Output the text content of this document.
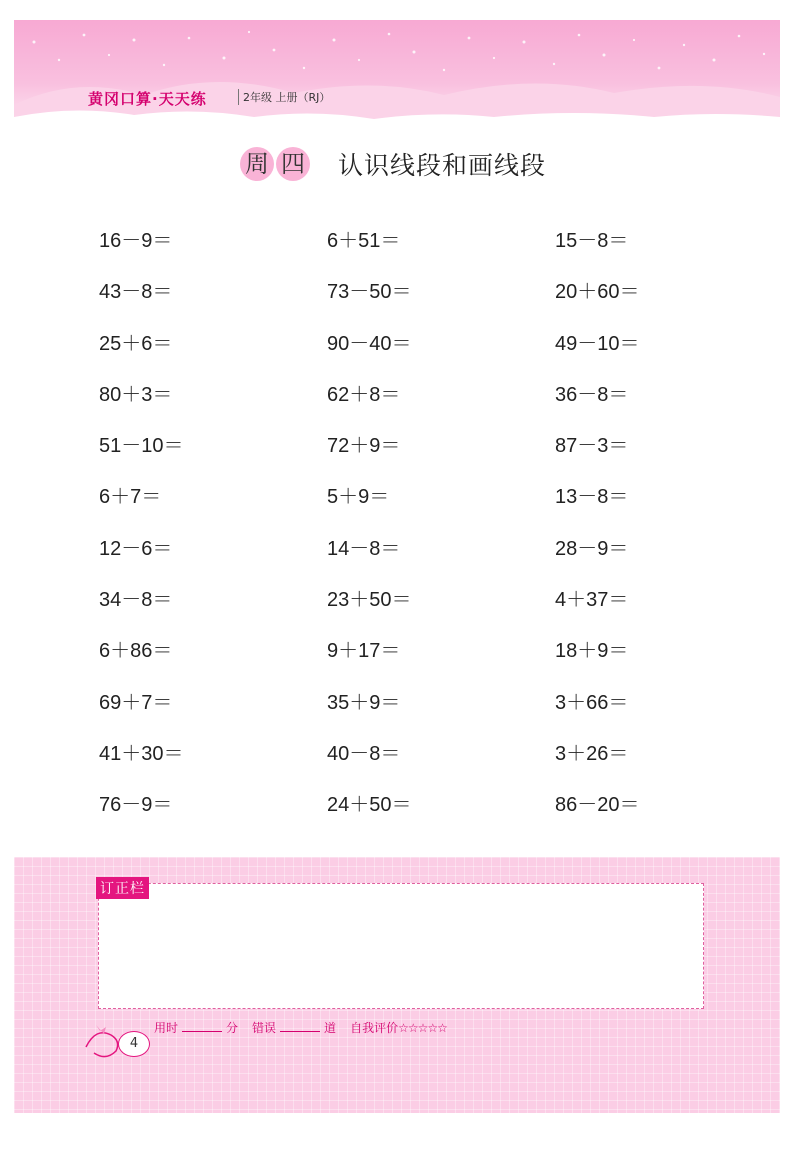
黄冈口算·天天练	2年级 上册（RJ）
周 四 认识线段和画线段
16－9＝	6＋51＝	15－8＝
43－8＝	73－50＝	20＋60＝
25＋6＝	90－40＝	49－10＝
80＋3＝	62＋8＝	36－8＝
51－10＝	72＋9＝	87－3＝
6＋7＝	5＋9＝	13－8＝
12－6＝	14－8＝	28－9＝
34－8＝	23＋50＝	4＋37＝
6＋86＝	9＋17＝	18＋9＝
69＋7＝	35＋9＝	3＋66＝
41＋30＝	40－8＝	3＋26＝
76－9＝	24＋50＝	86－20＝
订正栏
4
用时	分 错误	道 自我评价☆☆☆☆☆
